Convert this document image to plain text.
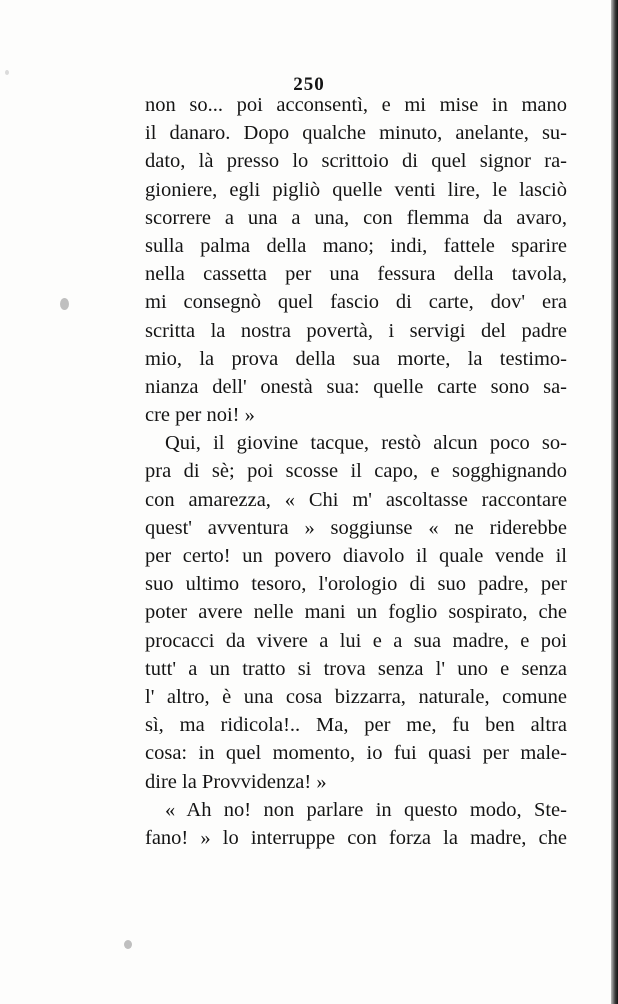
250
non so... poi acconsentì, e mi mise in mano
il danaro. Dopo qualche minuto, anelante, su-
dato, là presso lo scrittoio di quel signor ra-
gioniere, egli pigliò quelle venti lire, le lasciò
scorrere a una a una, con flemma da avaro,
sulla palma della mano; indi, fattele sparire
nella cassetta per una fessura della tavola,
mi consegnò quel fascio di carte, dov' era
scritta la nostra povertà, i servigi del padre
mio, la prova della sua morte, la testimo-
nianza dell' onestà sua: quelle carte sono sa-
cre per noi! »
Qui, il giovine tacque, restò alcun poco so-
pra di sè; poi scosse il capo, e sogghignando
con amarezza, « Chi m' ascoltasse raccontare
quest' avventura » soggiunse « ne riderebbe
per certo! un povero diavolo il quale vende il
suo ultimo tesoro, l'orologio di suo padre, per
poter avere nelle mani un foglio sospirato, che
procacci da vivere a lui e a sua madre, e poi
tutt' a un tratto si trova senza l' uno e senza
l' altro, è una cosa bizzarra, naturale, comune
sì, ma ridicola!.. Ma, per me, fu ben altra
cosa: in quel momento, io fui quasi per male-
dire la Provvidenza! »
« Ah no! non parlare in questo modo, Ste-
fano! » lo interruppe con forza la madre, che
